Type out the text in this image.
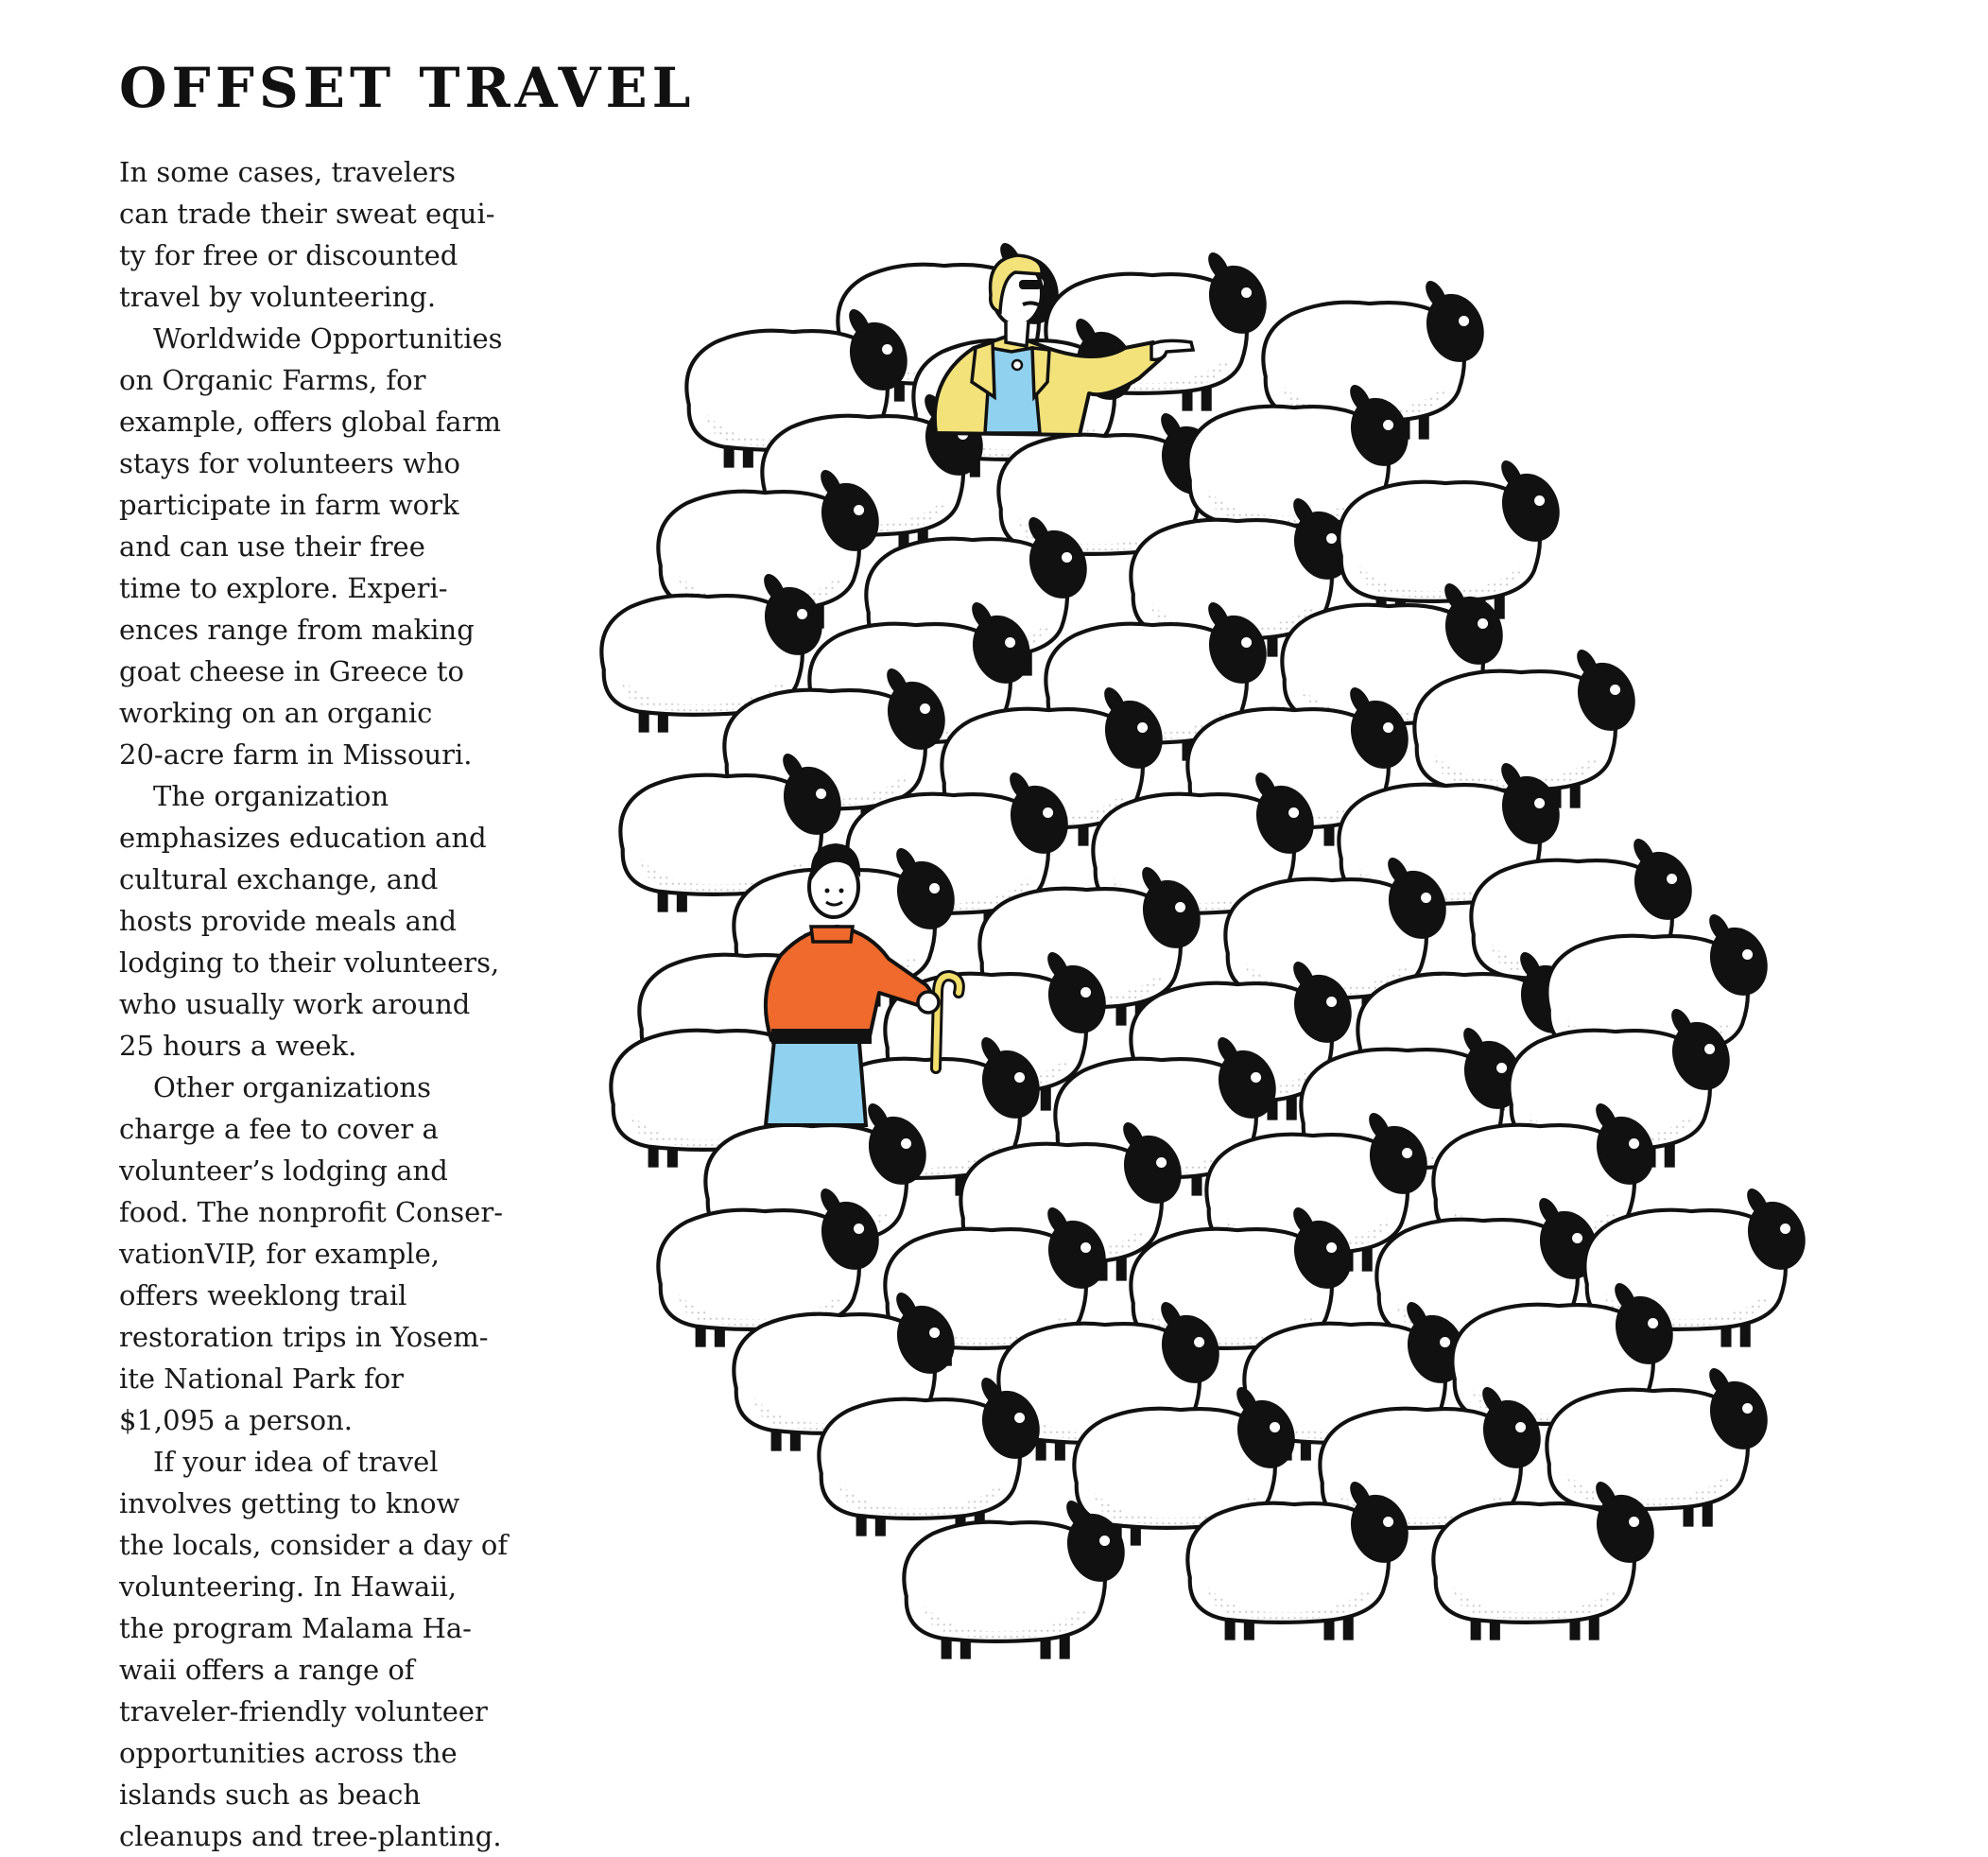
OFFSET TRAVEL

In some cases, travelers
can trade their sweat equi-
ty for free or discounted
travel by volunteering.

Worldwide Opportunities
on Organic Farms, for
example, offers global farm
stays for volunteers who
participate in farm work
and can use their free
time to explore. Experi-
ences range from making
goat cheese in Greece to
working on an organic
20-acre farm in Missouri.

The organization
emphasizes education and
cultural exchange, and
hosts provide meals and
lodging to their volunteers,
who usually work around
25 hours a week.

Other organizations
charge a fee to cover a
volunteer’s lodging and
food. The nonprofit Conser-
vationVIP, for example,
offers weeklong trail
restoration trips in Yosem-
ite National Park for
$1,095 a person.

If your idea of travel
involves getting to know
the locals, consider a day of
volunteering. In Hawaii,
the program Malama Ha-
waii offers a range of
traveler-friendly volunteer
opportunities across the
islands such as beach
cleanups and tree-planting.
